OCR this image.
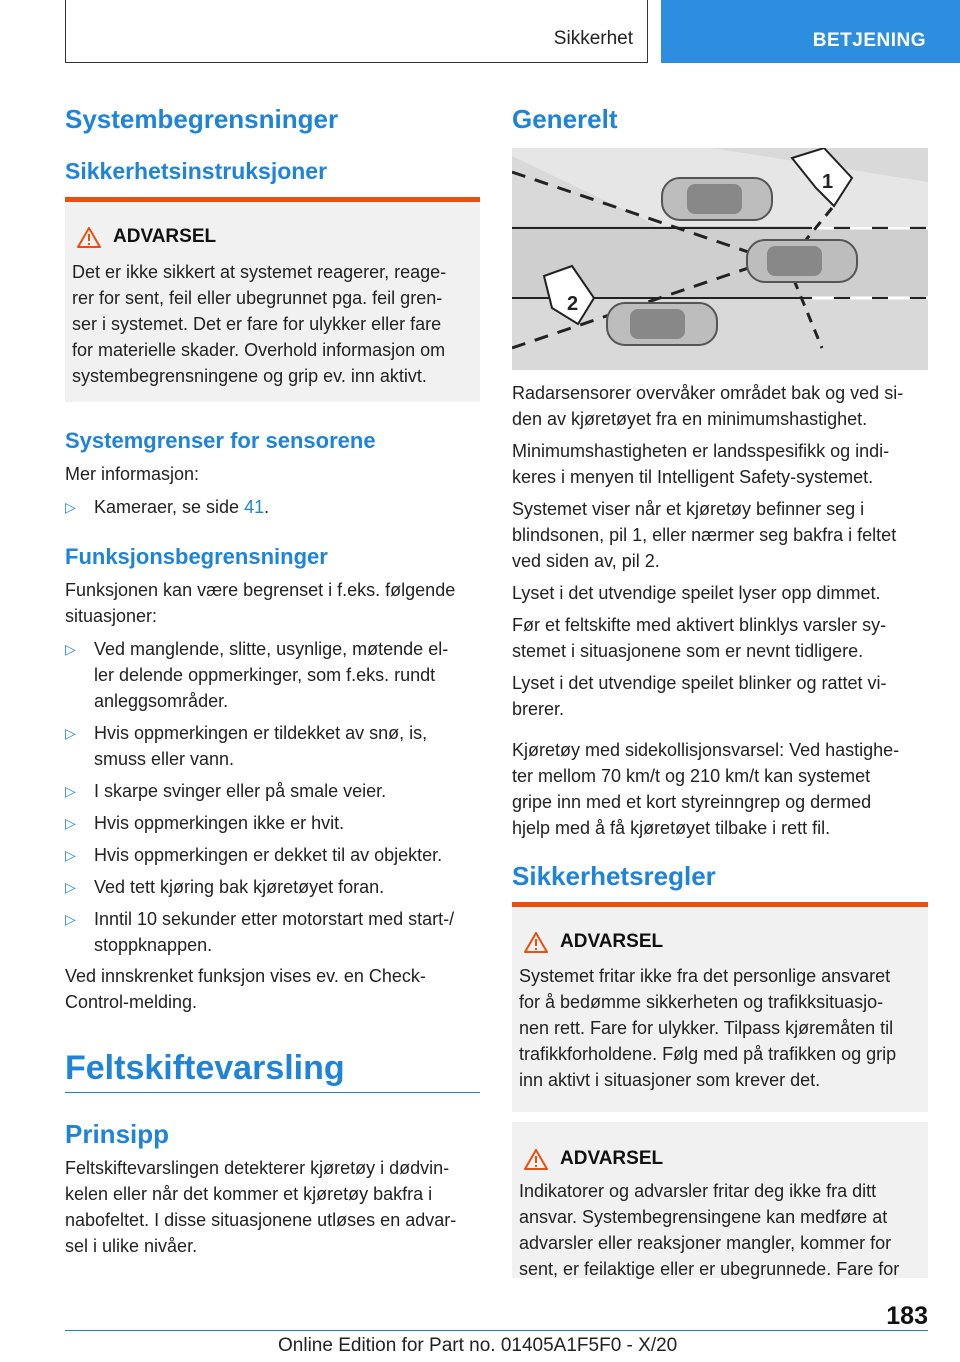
Sikkerhet	BETJENING
Systembegrensninger
Sikkerhetsinstruksjoner
ADVARSEL
Det er ikke sikkert at systemet reagerer, reage-
rer for sent, feil eller ubegrunnet pga. feil gren-
ser i systemet. Det er fare for ulykker eller fare
for materielle skader. Overhold informasjon om
systembegrensningene og grip ev. inn aktivt.
Systemgrenser for sensorene
Mer informasjon:
▷ Kameraer, se side 41.
Funksjonsbegrensninger
Funksjonen kan være begrenset i f.eks. følgende
situasjoner:
▷ Ved manglende, slitte, usynlige, møtende el-
ler delende oppmerkinger, som f.eks. rundt
anleggsområder.
▷ Hvis oppmerkingen er tildekket av snø, is,
smuss eller vann.
▷ I skarpe svinger eller på smale veier.
▷ Hvis oppmerkingen ikke er hvit.
▷ Hvis oppmerkingen er dekket til av objekter.
▷ Ved tett kjøring bak kjøretøyet foran.
▷ Inntil 10 sekunder etter motorstart med start-/
stoppknappen.
Ved innskrenket funksjon vises ev. en Check-
Control-melding.
Feltskiftevarsling
Prinsipp
Feltskiftevarslingen detekterer kjøretøy i dødvin-
kelen eller når det kommer et kjøretøy bakfra i
nabofeltet. I disse situasjonene utløses en advar-
sel i ulike nivåer.
Generelt
1
2
Radarsensorer overvåker området bak og ved si-
den av kjøretøyet fra en minimumshastighet.
Minimumshastigheten er landsspesifikk og indi-
keres i menyen til Intelligent Safety-systemet.
Systemet viser når et kjøretøy befinner seg i
blindsonen, pil 1, eller nærmer seg bakfra i feltet
ved siden av, pil 2.
Lyset i det utvendige speilet lyser opp dimmet.
Før et feltskifte med aktivert blinklys varsler sy-
stemet i situasjonene som er nevnt tidligere.
Lyset i det utvendige speilet blinker og rattet vi-
brerer.
Kjøretøy med sidekollisjonsvarsel: Ved hastighe-
ter mellom 70 km/t og 210 km/t kan systemet
gripe inn med et kort styreinngrep og dermed
hjelp med å få kjøretøyet tilbake i rett fil.
Sikkerhetsregler
ADVARSEL
Systemet fritar ikke fra det personlige ansvaret
for å bedømme sikkerheten og trafikksituasjo-
nen rett. Fare for ulykker. Tilpass kjøremåten til
trafikkforholdene. Følg med på trafikken og grip
inn aktivt i situasjoner som krever det.
ADVARSEL
Indikatorer og advarsler fritar deg ikke fra ditt
ansvar. Systembegrensingene kan medføre at
advarsler eller reaksjoner mangler, kommer for
sent, er feilaktige eller er ubegrunnede. Fare for
183
Online Edition for Part no. 01405A1F5F0 - X/20
